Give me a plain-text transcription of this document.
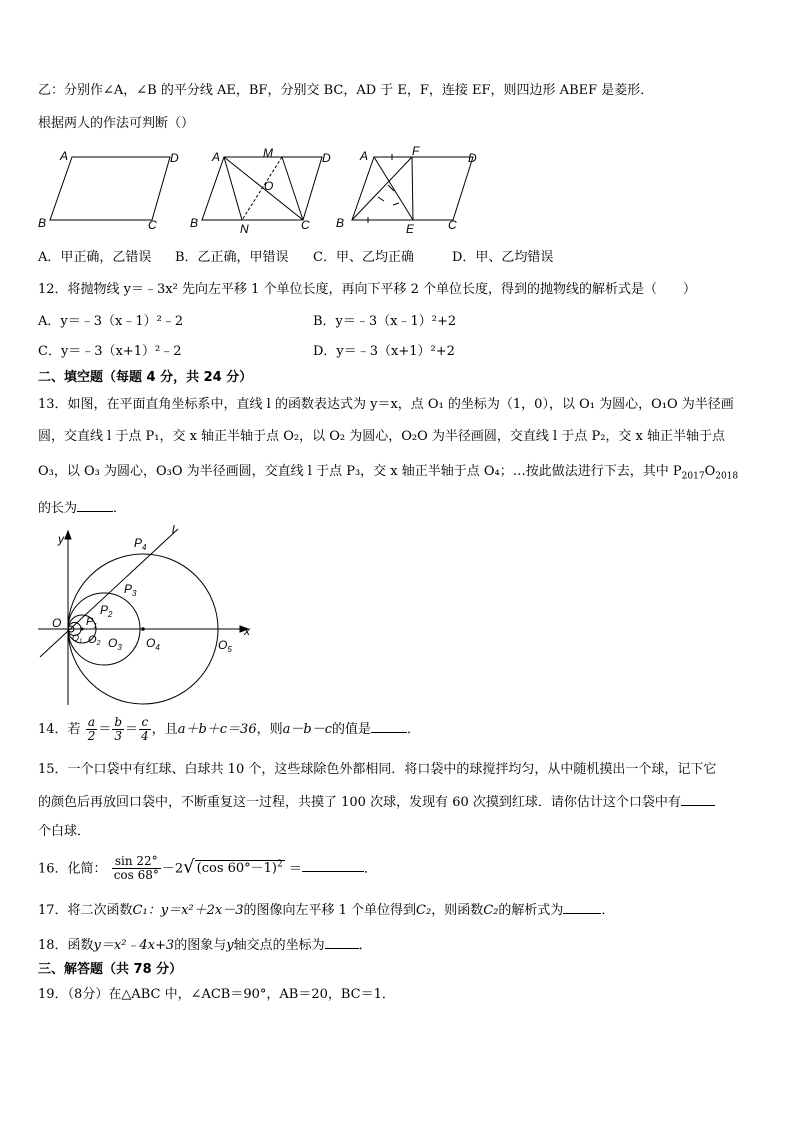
乙：分别作∠A，∠B 的平分线 AE，BF，分别交 BC，AD 于 E，F，连接 EF，则四边形 ABEF 是菱形．
根据两人的作法可判断（）
A	D
B	C
A	M	D
O
B	N	C
A	F	D
B	E	C
A．甲正确，乙错误 B．乙正确，甲错误 C．甲、乙均正确	D．甲、乙均错误
12．将抛物线 y＝﹣3x² 先向左平移 1 个单位长度，再向下平移 2 个单位长度，得到的抛物线的解析式是（　　）
A．y＝﹣3（x﹣1）²﹣2	B．y＝﹣3（x﹣1）²+2
C．y＝﹣3（x+1）²﹣2	D．y＝﹣3（x+1）²+2
二、填空题（每题 4 分，共 24 分）
13．如图，在平面直角坐标系中，直线 l 的函数表达式为 y＝x，点 O₁ 的坐标为（1，0），以 O₁ 为圆心，O₁O 为半径画
圆，交直线 l 于点 P₁，交 x 轴正半轴于点 O₂，以 O₂ 为圆心，O₂O 为半径画圆，交直线 l 于点 P₂，交 x 轴正半轴于点
O₃，以 O₃ 为圆心，O₃O 为半径画圆，交直线 l 于点 P₃，交 x 轴正半轴于点 O₄；…按此做法进行下去，其中 $P_{2017}O_{2018}$
的长为	．
y
x
l
O
$P_4$
$P_3$
$P_2$
$P_1$
$O_1$ O2 $O_3$ $O_4$	$O_5$
14．若 $\frac{a}{2} = \frac{b}{3} = \frac{c}{4}$ ，且a＋b＋c＝36，则a－b－c的值是	．
15．一个口袋中有红球、白球共 10 个，这些球除色外都相同．将口袋中的球搅拌均匀，从中随机摸出一个球，记下它
的颜色后再放回口袋中，不断重复这一过程，共摸了 100 次球，发现有 60 次摸到红球．请你估计这个口袋中有
个白球．
16．化简： $\frac{\sin 22^\circ}{\cos 68^\circ} -2√$ (cos 60°－1)$^2$ ＝	．
17．将二次函数C₁：y＝x²＋2x－3的图像向左平移 1 个单位得到C₂，则函数C₂的解析式为	．
18．函数y＝x²﹣4x+3的图象与y轴交点的坐标为	．
三、解答题（共 78 分）
19．（8分）在△ABC 中，∠ACB＝90°，AB＝20，BC＝1．
